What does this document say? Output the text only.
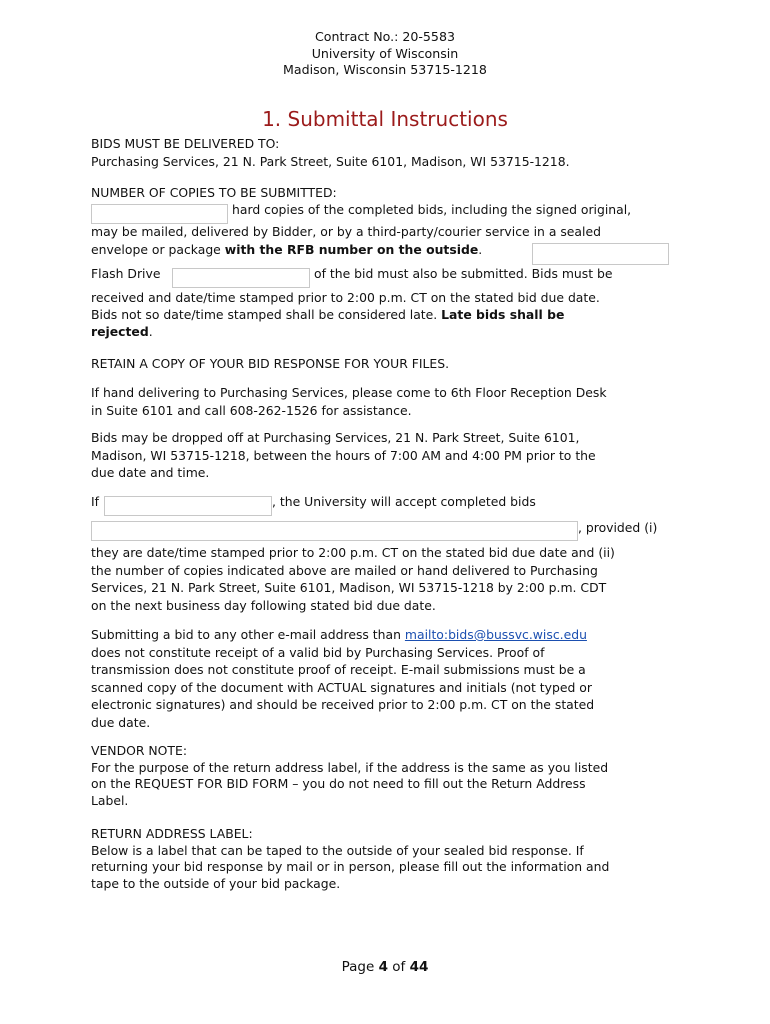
Contract No.: 20-5583
University of Wisconsin
Madison, Wisconsin 53715-1218
1. Submittal Instructions
BIDS MUST BE DELIVERED TO:
Purchasing Services, 21 N. Park Street, Suite 6101, Madison, WI 53715-1218.
NUMBER OF COPIES TO BE SUBMITTED:
hard copies of the completed bids, including the signed original,
may be mailed, delivered by Bidder, or by a third-party/courier service in a sealed
envelope or package with the RFB number on the outside.
Flash Drive	of the bid must also be submitted. Bids must be
received and date/time stamped prior to 2:00 p.m. CT on the stated bid due date.
Bids not so date/time stamped shall be considered late. Late bids shall be
rejected.
RETAIN A COPY OF YOUR BID RESPONSE FOR YOUR FILES.
If hand delivering to Purchasing Services, please come to 6th Floor Reception Desk
in Suite 6101 and call 608-262-1526 for assistance.
Bids may be dropped off at Purchasing Services, 21 N. Park Street, Suite 6101,
Madison, WI 53715-1218, between the hours of 7:00 AM and 4:00 PM prior to the
due date and time.
If	, the University will accept completed bids
, provided (i)
they are date/time stamped prior to 2:00 p.m. CT on the stated bid due date and (ii)
the number of copies indicated above are mailed or hand delivered to Purchasing
Services, 21 N. Park Street, Suite 6101, Madison, WI 53715-1218 by 2:00 p.m. CDT
on the next business day following stated bid due date.
Submitting a bid to any other e-mail address than mailto:bids@bussvc.wisc.edu
does not constitute receipt of a valid bid by Purchasing Services. Proof of
transmission does not constitute proof of receipt. E-mail submissions must be a
scanned copy of the document with ACTUAL signatures and initials (not typed or
electronic signatures) and should be received prior to 2:00 p.m. CT on the stated
due date.
VENDOR NOTE:
For the purpose of the return address label, if the address is the same as you listed
on the REQUEST FOR BID FORM – you do not need to fill out the Return Address
Label.
RETURN ADDRESS LABEL:
Below is a label that can be taped to the outside of your sealed bid response. If
returning your bid response by mail or in person, please fill out the information and
tape to the outside of your bid package.
Page 4 of 44
